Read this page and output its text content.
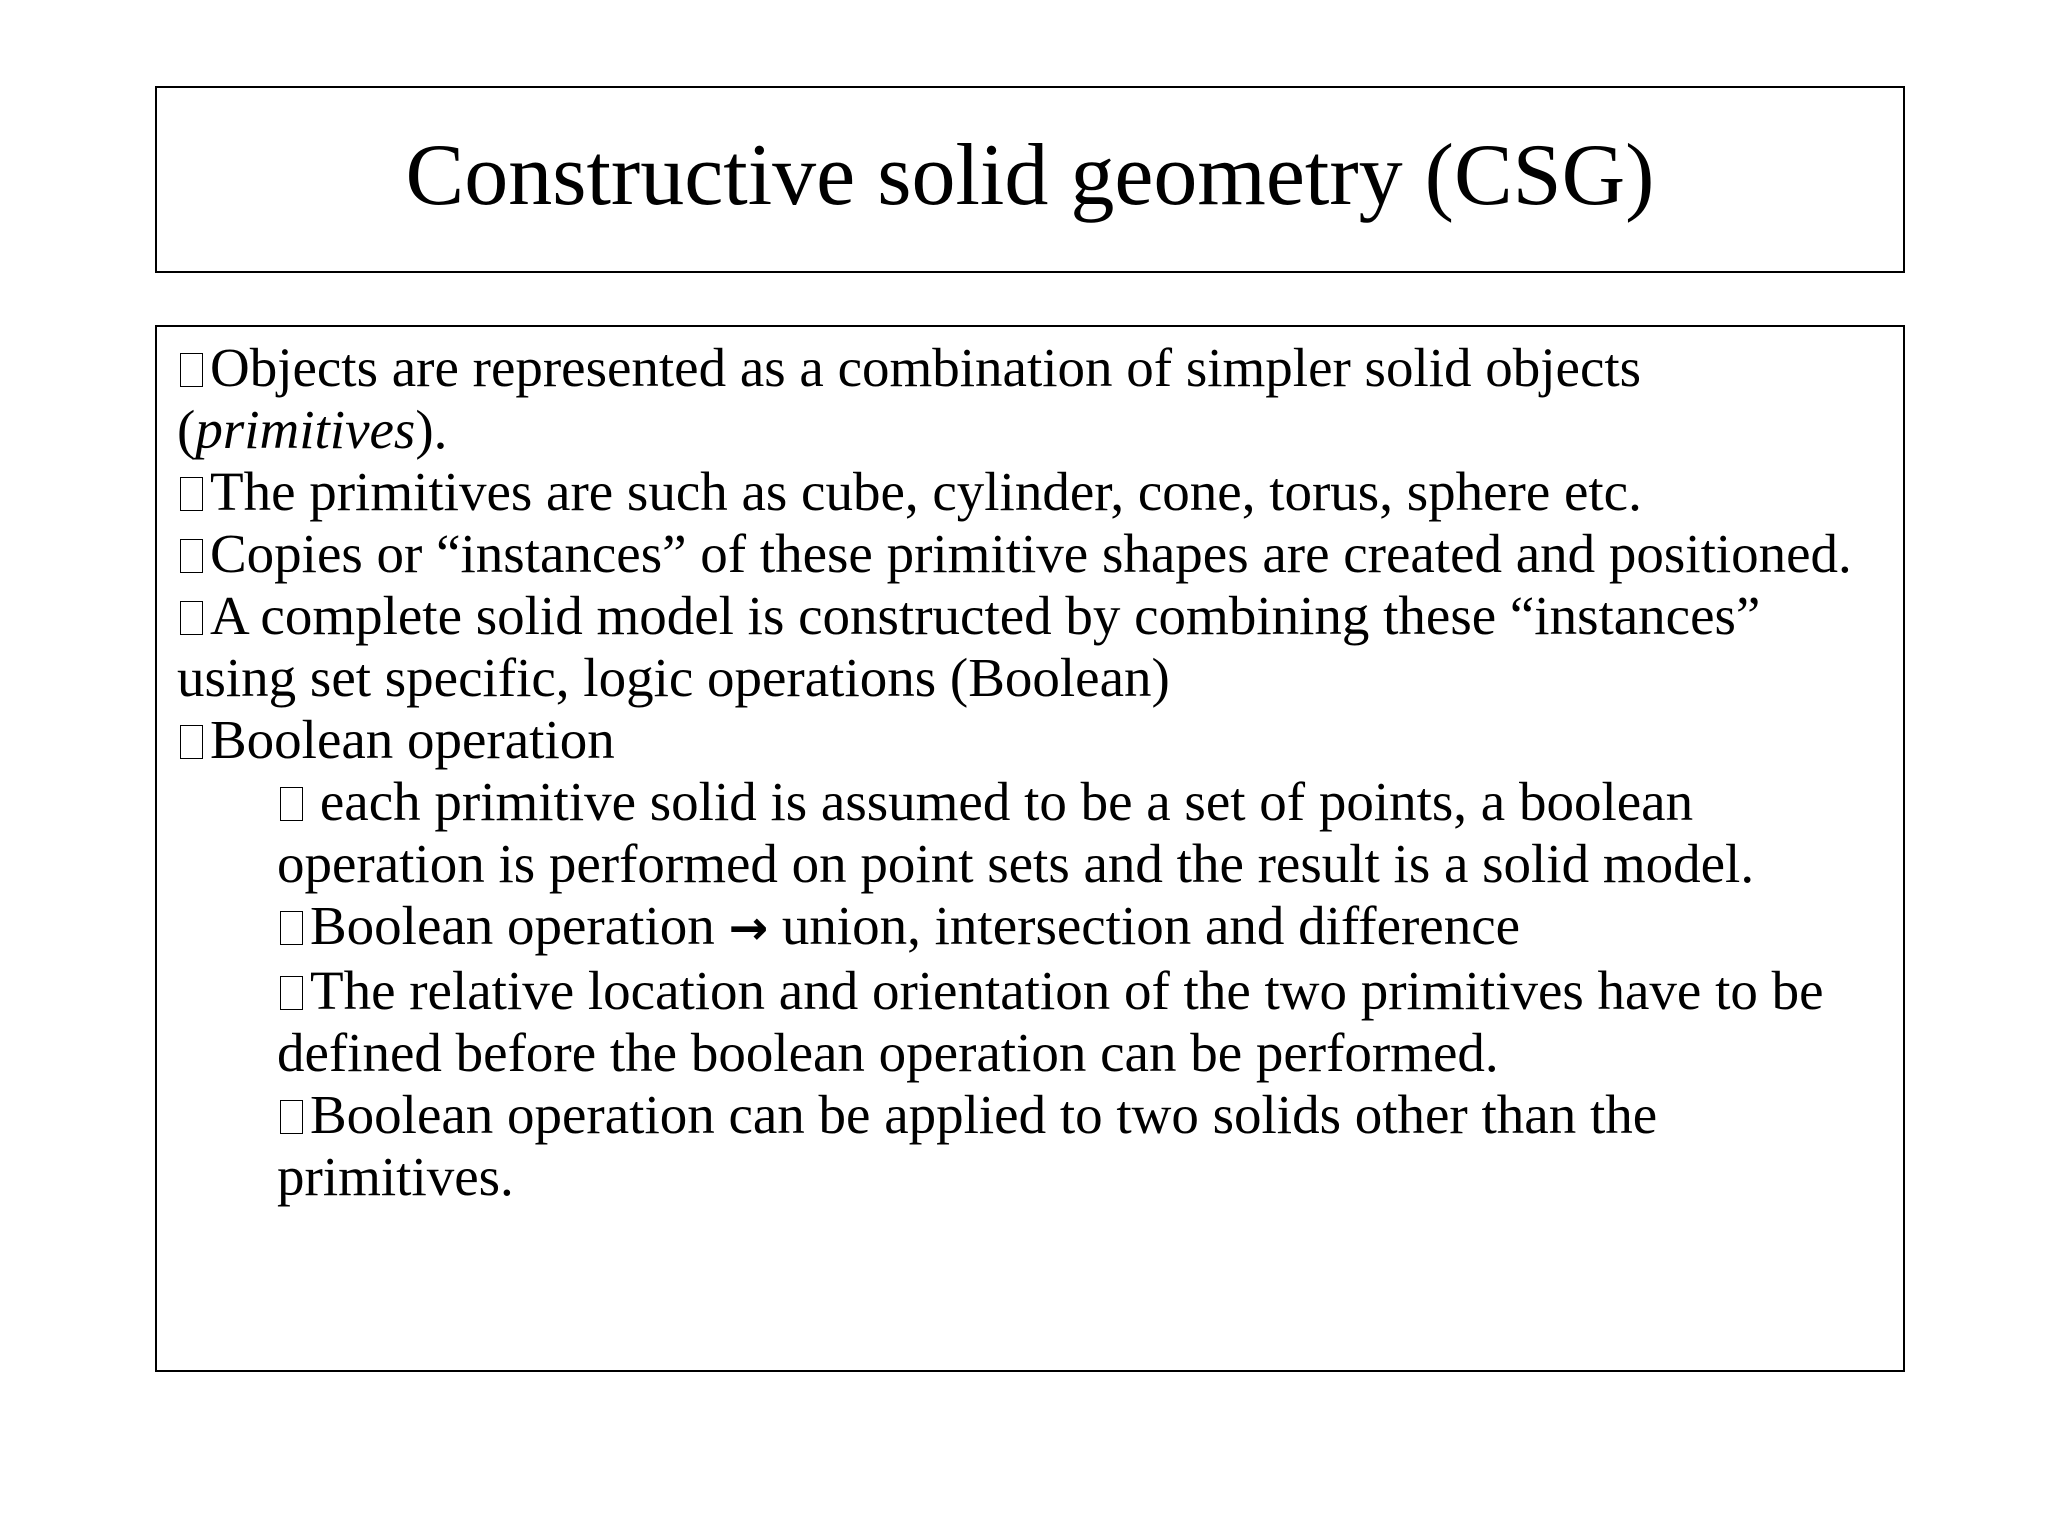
Constructive solid geometry (CSG)

Objects are represented as a combination of simpler solid objects
(primitives).

The primitives are such as cube, cylinder, cone, torus, sphere etc.

Copies or “instances” of these primitive shapes are created and positioned.

A complete solid model is constructed by combining these “instances” using set specific, logic operations (Boolean)

Boolean operation

each primitive solid is assumed to be a set of points, a boolean operation is performed on point sets and the result is a solid model.

Boolean operation → union, intersection and difference

The relative location and orientation of the two primitives have to be defined before the boolean operation can be performed.

Boolean operation can be applied to two solids other than the primitives.
